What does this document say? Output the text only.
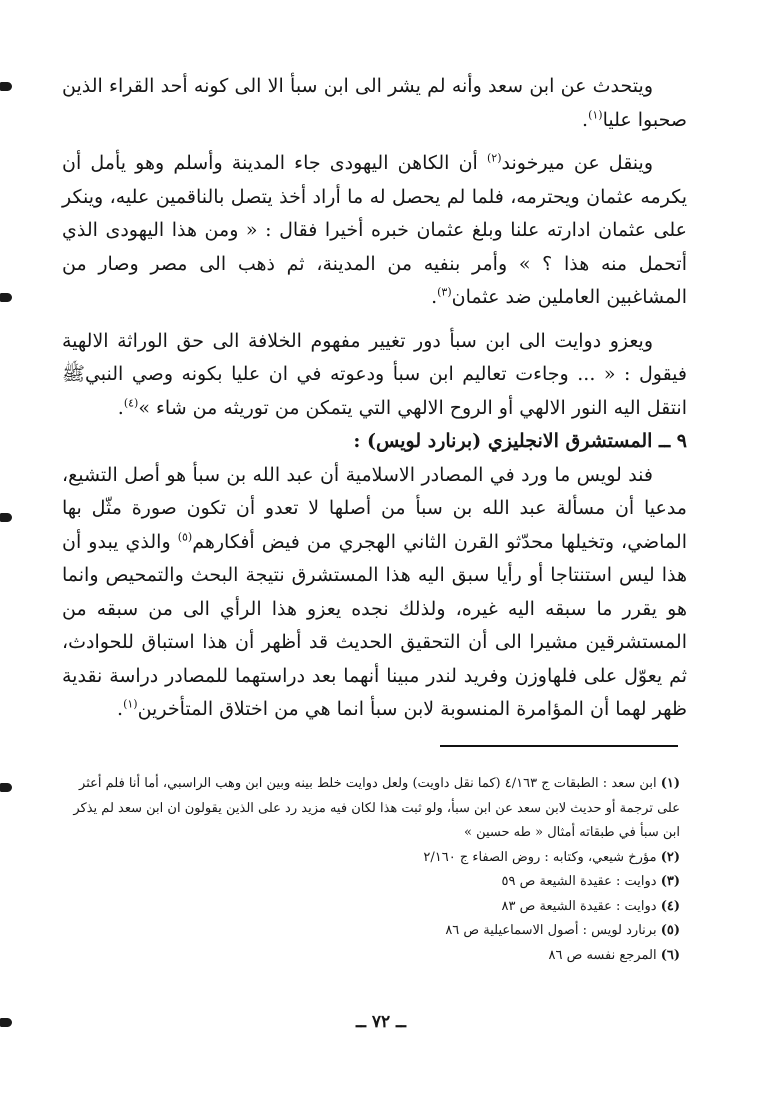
ويتحدث عن ابن سعد وأنه لم يشر الى ابن سبأ الا الى كونه أحد القراء الذين صحبوا عليا$^{(١)}$.

وينقل عن ميرخوند$^{(٢)}$ أن الكاهن اليهودى جاء المدينة وأسلم وهو يأمل أن يكرمه عثمان ويحترمه، فلما لم يحصل له ما أراد أخذ يتصل بالناقمين عليه، وينكر على عثمان ادارته علنا وبلغ عثمان خبره أخيرا فقال : « ومن هذا اليهودى الذي أتحمل منه هذا ؟ » وأمر بنفيه من المدينة، ثم ذهب الى مصر وصار من المشاغبين العاملين ضد عثمان$^{(٣)}$.

ويعزو دوايت الى ابن سبأ دور تغيير مفهوم الخلافة الى حق الوراثة الالهية فيقول : « ... وجاءت تعاليم ابن سبأ ودعوته في ان عليا بكونه وصي النبيﷺ انتقل اليه النور الالهي أو الروح الالهي التي يتمكن من توريثه من شاء »$^{(٤)}$.

٩ ــ المستشرق الانجليزي (برنارد لويس) :

فند لويس ما ورد في المصادر الاسلامية أن عبد الله بن سبأ هو أصل التشيع، مدعيا أن مسألة عبد الله بن سبأ من أصلها لا تعدو أن تكون صورة مثّل بها الماضي، وتخيلها محدّثو القرن الثاني الهجري من فيض أفكارهم$^{(٥)}$ والذي يبدو أن هذا ليس استنتاجا أو رأيا سبق اليه هذا المستشرق نتيجة البحث والتمحيص وانما هو يقرر ما سبقه اليه غيره، ولذلك نجده يعزو هذا الرأي الى من سبقه من المستشرقين مشيرا الى أن التحقيق الحديث قد أظهر أن هذا استباق للحوادث، ثم يعوّل على فلهاوزن وفريد لندر مبينا أنهما بعد دراستهما للمصادر دراسة نقدية ظهر لهما أن المؤامرة المنسوبة لابن سبأ انما هي من اختلاق المتأخرين$^{(١)}$.

(١) ابن سعد : الطبقات ج ٤/١٦٣ (كما نقل داويت) ولعل دوايت خلط بينه وبين ابن وهب الراسبي، أما أنا فلم أعثر على ترجمة أو حديث لابن سعد عن ابن سبأ، ولو ثبت هذا لكان فيه مزيد رد على الذين يقولون ان ابن سعد لم يذكر ابن سبأ في طبقاته أمثال « طه حسين »

(٢) مؤرخ شيعي، وكتابه : روض الصفاء ج ٢/١٦٠

(٣) دوايت : عقيدة الشيعة ص ٥٩

(٤) دوايت : عقيدة الشيعة ص ٨٣

(٥) برنارد لويس : أصول الاسماعيلية ص ٨٦

(٦) المرجع نفسه ص ٨٦

ــ ٧٢ ــ
